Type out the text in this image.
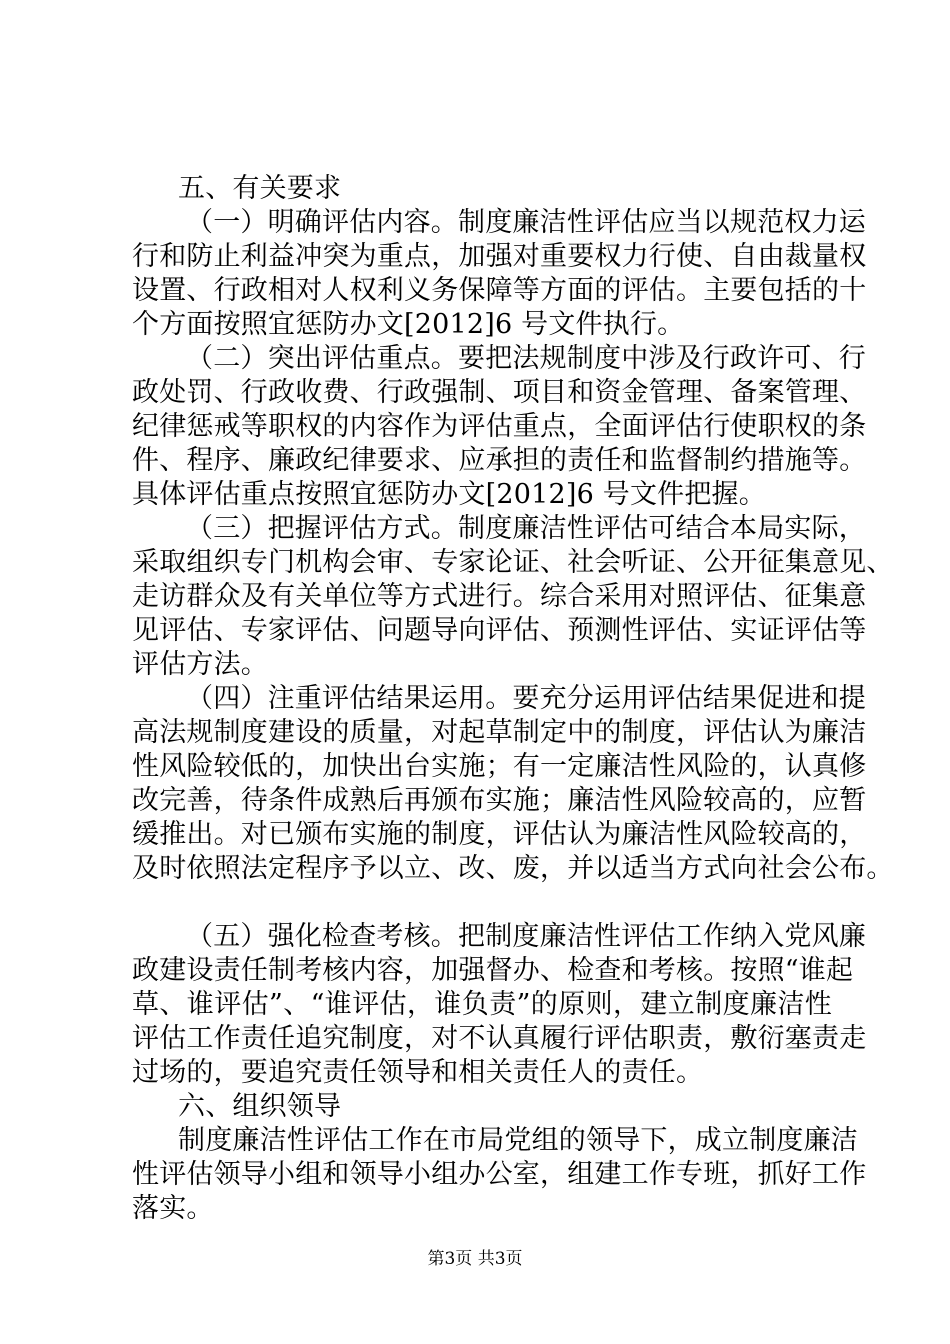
五、有关要求
（一）明确评估内容。制度廉洁性评估应当以规范权力运
行和防止利益冲突为重点，加强对重要权力行使、自由裁量权
设置、行政相对人权利义务保障等方面的评估。主要包括的十
个方面按照宜惩防办文[2012]6 号文件执行。
（二）突出评估重点。要把法规制度中涉及行政许可、行
政处罚、行政收费、行政强制、项目和资金管理、备案管理、
纪律惩戒等职权的内容作为评估重点，全面评估行使职权的条
件、程序、廉政纪律要求、应承担的责任和监督制约措施等。
具体评估重点按照宜惩防办文[2012]6 号文件把握。
（三）把握评估方式。制度廉洁性评估可结合本局实际，
采取组织专门机构会审、专家论证、社会听证、公开征集意见、
走访群众及有关单位等方式进行。综合采用对照评估、征集意
见评估、专家评估、问题导向评估、预测性评估、实证评估等
评估方法。
（四）注重评估结果运用。要充分运用评估结果促进和提
高法规制度建设的质量，对起草制定中的制度，评估认为廉洁
性风险较低的，加快出台实施；有一定廉洁性风险的，认真修
改完善，待条件成熟后再颁布实施；廉洁性风险较高的，应暂
缓推出。对已颁布实施的制度，评估认为廉洁性风险较高的，
及时依照法定程序予以立、改、废，并以适当方式向社会公布。
（五）强化检查考核。把制度廉洁性评估工作纳入党风廉
政建设责任制考核内容，加强督办、检查和考核。按照“谁起
草、谁评估”、“谁评估，谁负责”的原则，建立制度廉洁性
评估工作责任追究制度，对不认真履行评估职责，敷衍塞责走
过场的，要追究责任领导和相关责任人的责任。
六、组织领导
制度廉洁性评估工作在市局党组的领导下，成立制度廉洁
性评估领导小组和领导小组办公室，组建工作专班，抓好工作
落实。
第3页 共3页
